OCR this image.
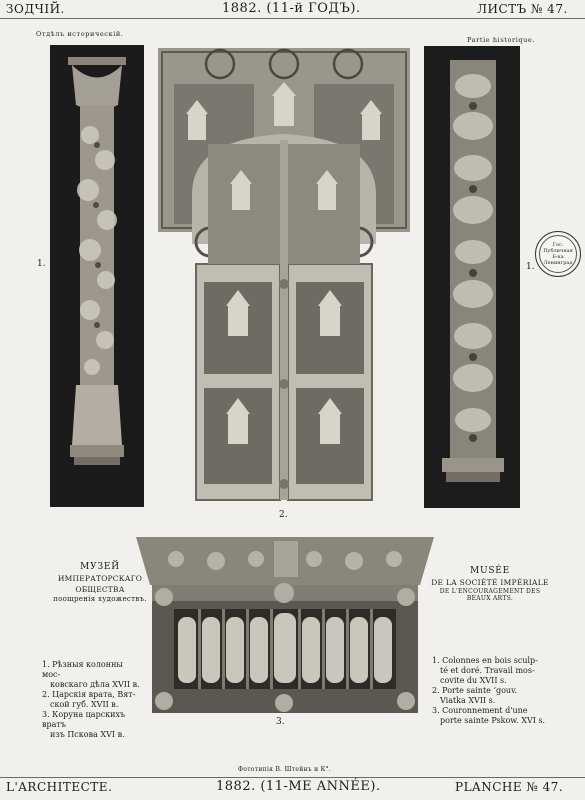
ЗОДЧІЙ.	1882. (11-й ГОДЪ).	ЛИСТЪ № 47.
Отдѣлъ историческій.
Partie historique.
1.
2.
1.
Гос.
Публичная
Б-ка
Ленинград
3.
МУЗЕЙ
ИМПЕРАТОРСКАГО ОБЩЕСТВА
поощренія художествъ.
1. Рѣзныя колонны мос-
ковскаго дѣла XVII в.
2. Царскія врата, Вят-
ской губ. XVII в.
3. Коруна царскихъ вратъ
изъ Пскова XVI в.
MUSÉE
DE LA SOCIÉTÉ IMPÉRIALE
DE L'ENCOURAGEMENT DES BEAUX ARTS.
1. Colonnes en bois sculp-
té et doré. Travail mos-
covite du XVII s.
2. Porte sainte ‘gouv.
Viatka XVII s.
3. Couronnement d'une
porte sainte Pskow. XVI s.
Фототипія В. Штейнъ и К°.
L'ARCHITECTE.	1882. (11-ME ANNÉE).	PLANCHE № 47.
